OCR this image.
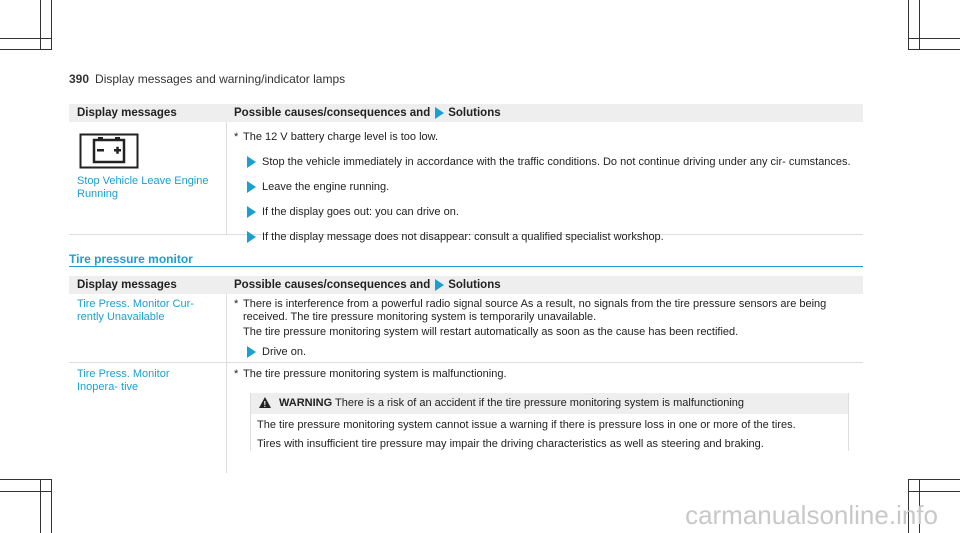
390 Display messages and warning/indicator lamps
Display messages	Possible causes/consequences and Solutions
Stop Vehicle Leave Engine Running
* The 12 V battery charge level is too low.
Stop the vehicle immediately in accordance with the traffic conditions. Do not continue driving under any cir- cumstances.
Leave the engine running.
If the display goes out: you can drive on.
If the display message does not disappear: consult a qualified specialist workshop.
Tire pressure monitor
Display messages	Possible causes/consequences and Solutions
Tire Press. Monitor Cur- rently Unavailable
* There is interference from a powerful radio signal source As a result, no signals from the tire pressure sensors are being received. The tire pressure monitoring system is temporarily unavailable.
The tire pressure monitoring system will restart automatically as soon as the cause has been rectified.
Drive on.
Tire Press. Monitor Inopera- tive
* The tire pressure monitoring system is malfunctioning.
!
WARNING There is a risk of an accident if the tire pressure monitoring system is malfunctioning

The tire pressure monitoring system cannot issue a warning if there is pressure loss in one or more of the tires.

Tires with insufficient tire pressure may impair the driving characteristics as well as steering and braking.

carmanualsonline.info
